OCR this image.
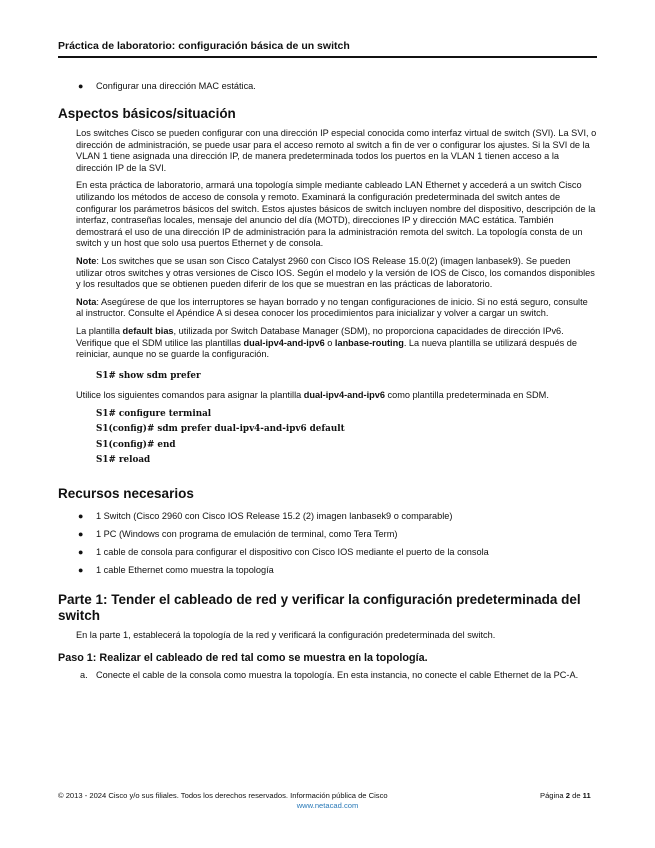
Práctica de laboratorio: configuración básica de un switch
● Configurar una dirección MAC estática.
Aspectos básicos/situación

Los switches Cisco se pueden configurar con una dirección IP especial conocida como interfaz virtual de switch (SVI). La SVI, o dirección de administración, se puede usar para el acceso remoto al switch a fin de ver o configurar los ajustes. Si la SVI de la VLAN 1 tiene asignada una dirección IP, de manera predeterminada todos los puertos en la VLAN 1 tienen acceso a la dirección IP de la SVI.

En esta práctica de laboratorio, armará una topología simple mediante cableado LAN Ethernet y accederá a un switch Cisco utilizando los métodos de acceso de consola y remoto. Examinará la configuración predeterminada del switch antes de configurar los parámetros básicos del switch. Estos ajustes básicos de switch incluyen nombre del dispositivo, descripción de la interfaz, contraseñas locales, mensaje del anuncio del día (MOTD), direcciones IP y dirección MAC estática. También demostrará el uso de una dirección IP de administración para la administración remota del switch. La topología consta de un switch y un host que solo usa puertos Ethernet y de consola.

Note: Los switches que se usan son Cisco Catalyst 2960 con Cisco IOS Release 15.0(2) (imagen lanbasek9). Se pueden utilizar otros switches y otras versiones de Cisco IOS. Según el modelo y la versión de IOS de Cisco, los comandos disponibles y los resultados que se obtienen pueden diferir de los que se muestran en las prácticas de laboratorio.

Nota: Asegúrese de que los interruptores se hayan borrado y no tengan configuraciones de inicio. Si no está seguro, consulte al instructor. Consulte el Apéndice A si desea conocer los procedimientos para inicializar y volver a cargar un switch.

La plantilla default bias, utilizada por Switch Database Manager (SDM), no proporciona capacidades de dirección IPv6. Verifique que el SDM utilice las plantillas dual-ipv4-and-ipv6 o lanbase-routing. La nueva plantilla se utilizará después de reiniciar, aunque no se guarde la configuración.

S1# show sdm prefer

Utilice los siguientes comandos para asignar la plantilla dual-ipv4-and-ipv6 como plantilla predeterminada en SDM.

S1# configure terminal
S1(config)# sdm prefer dual-ipv4-and-ipv6 default
S1(config)# end
S1# reload
Recursos necesarios
● 1 Switch (Cisco 2960 con Cisco IOS Release 15.2 (2) imagen lanbasek9 o comparable)
● 1 PC (Windows con programa de emulación de terminal, como Tera Term)
● 1 cable de consola para configurar el dispositivo con Cisco IOS mediante el puerto de la consola
● 1 cable Ethernet como muestra la topología
Parte 1: Tender el cableado de red y verificar la configuración predeterminada del switch

En la parte 1, establecerá la topología de la red y verificará la configuración predeterminada del switch.

Paso 1: Realizar el cableado de red tal como se muestra en la topología.
a. Conecte el cable de la consola como muestra la topología. En esta instancia, no conecte el cable Ethernet de la PC-A.
© 2013 - 2024 Cisco y/o sus filiales. Todos los derechos reservados. Información pública de Cisco	Página 2 de 11
www.netacad.com
